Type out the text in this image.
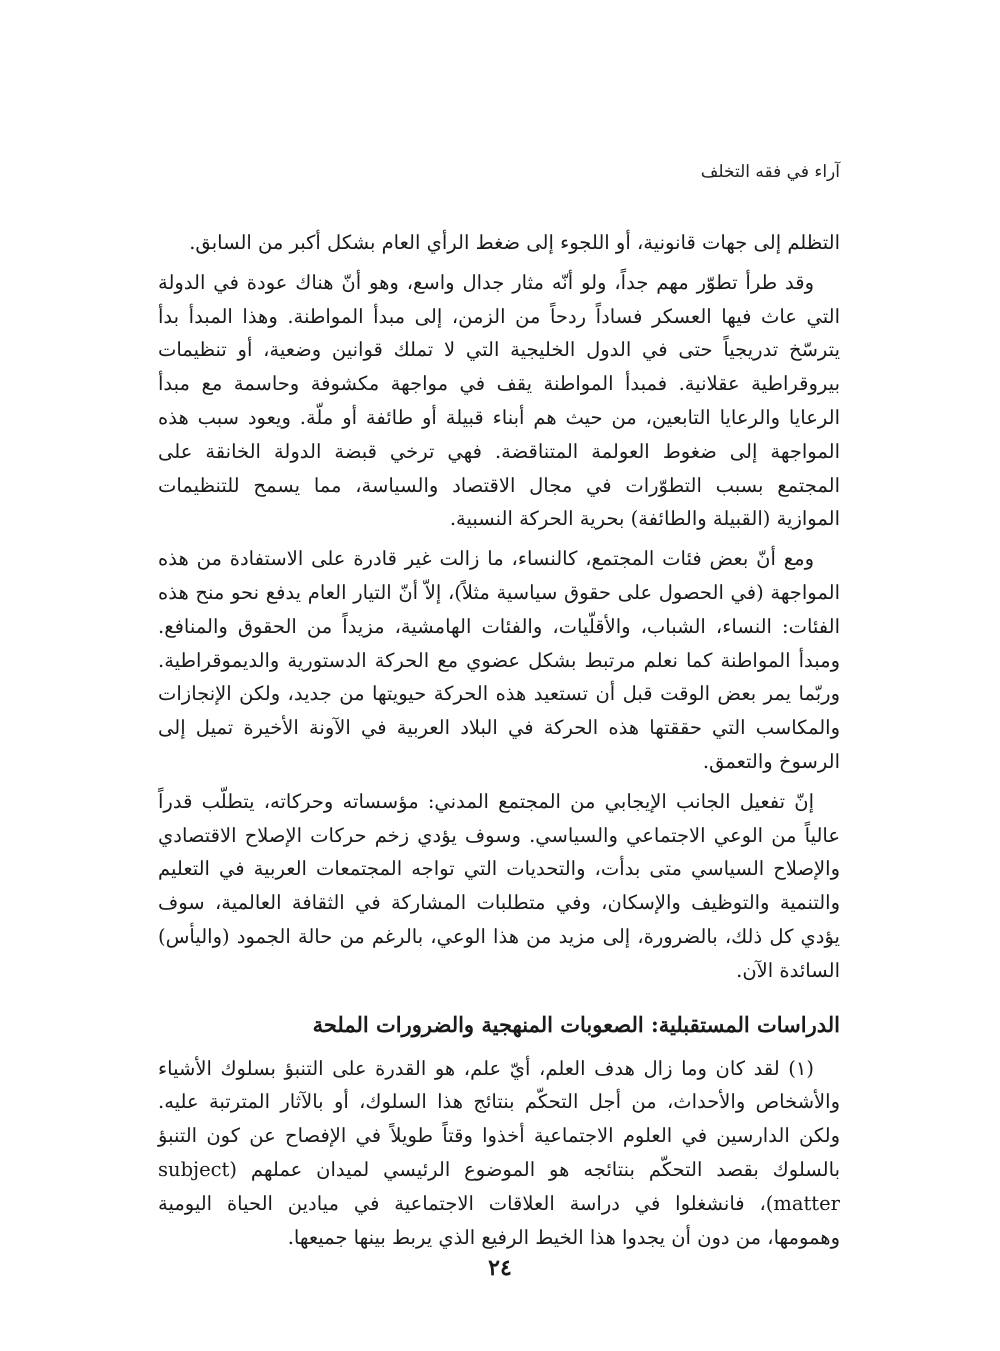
آراء في فقه التخلف

التظلم إلى جهات قانونية، أو اللجوء إلى ضغط الرأي العام بشكل أكبر من السابق.

وقد طرأ تطوّر مهم جداً، ولو أنّه مثار جدال واسع، وهو أنّ هناك عودة في الدولة التي عاث فيها العسكر فساداً ردحاً من الزمن، إلى مبدأ المواطنة. وهذا المبدأ بدأ يترسّخ تدريجياً حتى في الدول الخليجية التي لا تملك قوانين وضعية، أو تنظيمات بيروقراطية عقلانية. فمبدأ المواطنة يقف في مواجهة مكشوفة وحاسمة مع مبدأ الرعايا والرعايا التابعين، من حيث هم أبناء قبيلة أو طائفة أو ملّة. ويعود سبب هذه المواجهة إلى ضغوط العولمة المتناقضة. فهي ترخي قبضة الدولة الخانقة على المجتمع بسبب التطوّرات في مجال الاقتصاد والسياسة، مما يسمح للتنظيمات الموازية (القبيلة والطائفة) بحرية الحركة النسبية.

ومع أنّ بعض فئات المجتمع، كالنساء، ما زالت غير قادرة على الاستفادة من هذه المواجهة (في الحصول على حقوق سياسية مثلاً)، إلاّ أنّ التيار العام يدفع نحو منح هذه الفئات: النساء، الشباب، والأقلّيات، والفئات الهامشية، مزيداً من الحقوق والمنافع. ومبدأ المواطنة كما نعلم مرتبط بشكل عضوي مع الحركة الدستورية والديموقراطية. وربّما يمر بعض الوقت قبل أن تستعيد هذه الحركة حيويتها من جديد، ولكن الإنجازات والمكاسب التي حققتها هذه الحركة في البلاد العربية في الآونة الأخيرة تميل إلى الرسوخ والتعمق.

إنّ تفعيل الجانب الإيجابي من المجتمع المدني: مؤسساته وحركاته، يتطلّب قدراً عالياً من الوعي الاجتماعي والسياسي. وسوف يؤدي زخم حركات الإصلاح الاقتصادي والإصلاح السياسي متى بدأت، والتحديات التي تواجه المجتمعات العربية في التعليم والتنمية والتوظيف والإسكان، وفي متطلبات المشاركة في الثقافة العالمية، سوف يؤدي كل ذلك، بالضرورة، إلى مزيد من هذا الوعي، بالرغم من حالة الجمود (واليأس) السائدة الآن.

الدراسات المستقبلية: الصعوبات المنهجية والضرورات الملحة

(١) لقد كان وما زال هدف العلم، أيّ علم، هو القدرة على التنبؤ بسلوك الأشياء والأشخاص والأحداث، من أجل التحكّم بنتائج هذا السلوك، أو بالآثار المترتبة عليه. ولكن الدارسين في العلوم الاجتماعية أخذوا وقتاً طويلاً في الإفصاح عن كون التنبؤ بالسلوك بقصد التحكّم بنتائجه هو الموضوع الرئيسي لميدان عملهم (subject matter)، فانشغلوا في دراسة العلاقات الاجتماعية في ميادين الحياة اليومية وهمومها، من دون أن يجدوا هذا الخيط الرفيع الذي يربط بينها جميعها.

٢٤
